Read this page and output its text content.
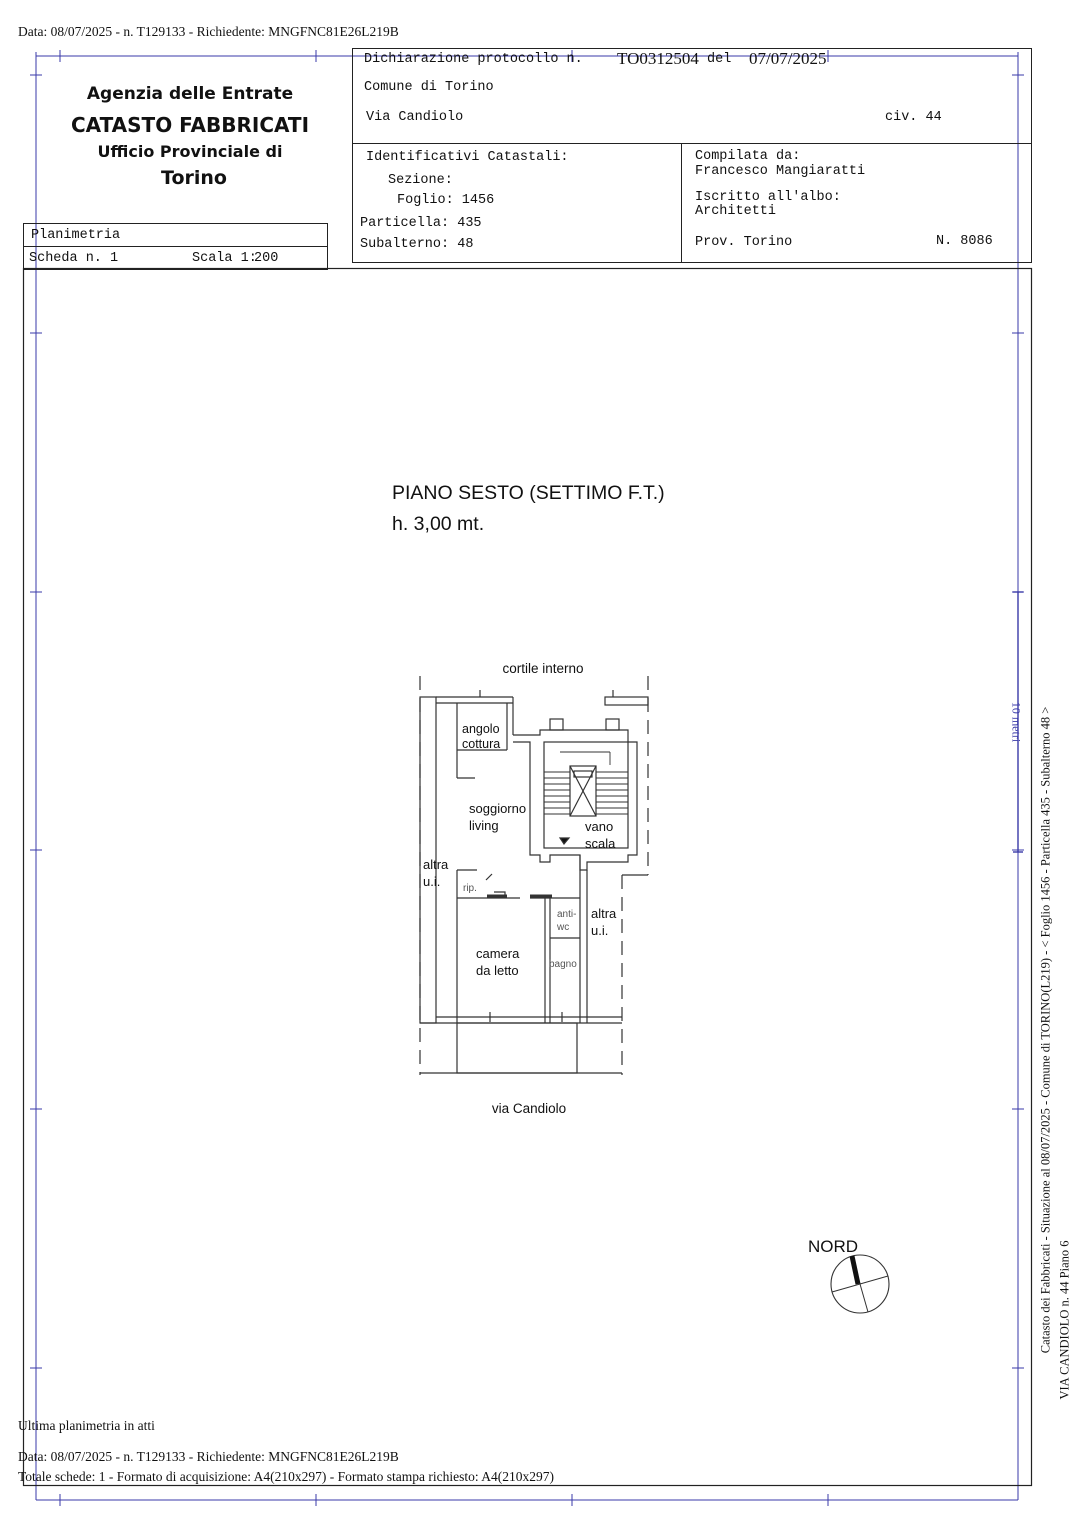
Data: 08/07/2025 - n. T129133 - Richiedente: MNGFNC81E26L219B
10 metri
Agenzia delle Entrate
CATASTO FABBRICATI
Ufficio Provinciale di
Torino
Planimetria
Scheda n. 1	Scala 1:
200
Dichiarazione protocollo n. TO0312504 del 07/07/2025
Comune di Torino
Via Candiolo	civ. 44
Identificativi Catastali:
Sezione:
Foglio: 1456
Particella: 435
Subalterno: 48
Compilata da:
Francesco Mangiaratti
Iscritto all'albo:
Architetti
Prov. Torino	N. 8086
PIANO SESTO (SETTIMO F.T.)
h. 3,00 mt.
cortile interno
angolo
cottura
soggiorno
living	vano
scala
altra
u.i. rip.
anti-
wc
altra
u.i.
camera
da letto	bagno
via Candiolo
NORD	Catasto dei Fabbricati - Situazione al 08/07/2025 - Comune di TORINO(L219) - < Foglio 1456 - Particella 435 - Subalterno 48 > VIA CANDIOLO n. 44 Piano 6
Ultima planimetria in atti
Data: 08/07/2025 - n. T129133 - Richiedente: MNGFNC81E26L219B
Totale schede: 1 - Formato di acquisizione: A4(210x297) - Formato stampa richiesto: A4(210x297)
